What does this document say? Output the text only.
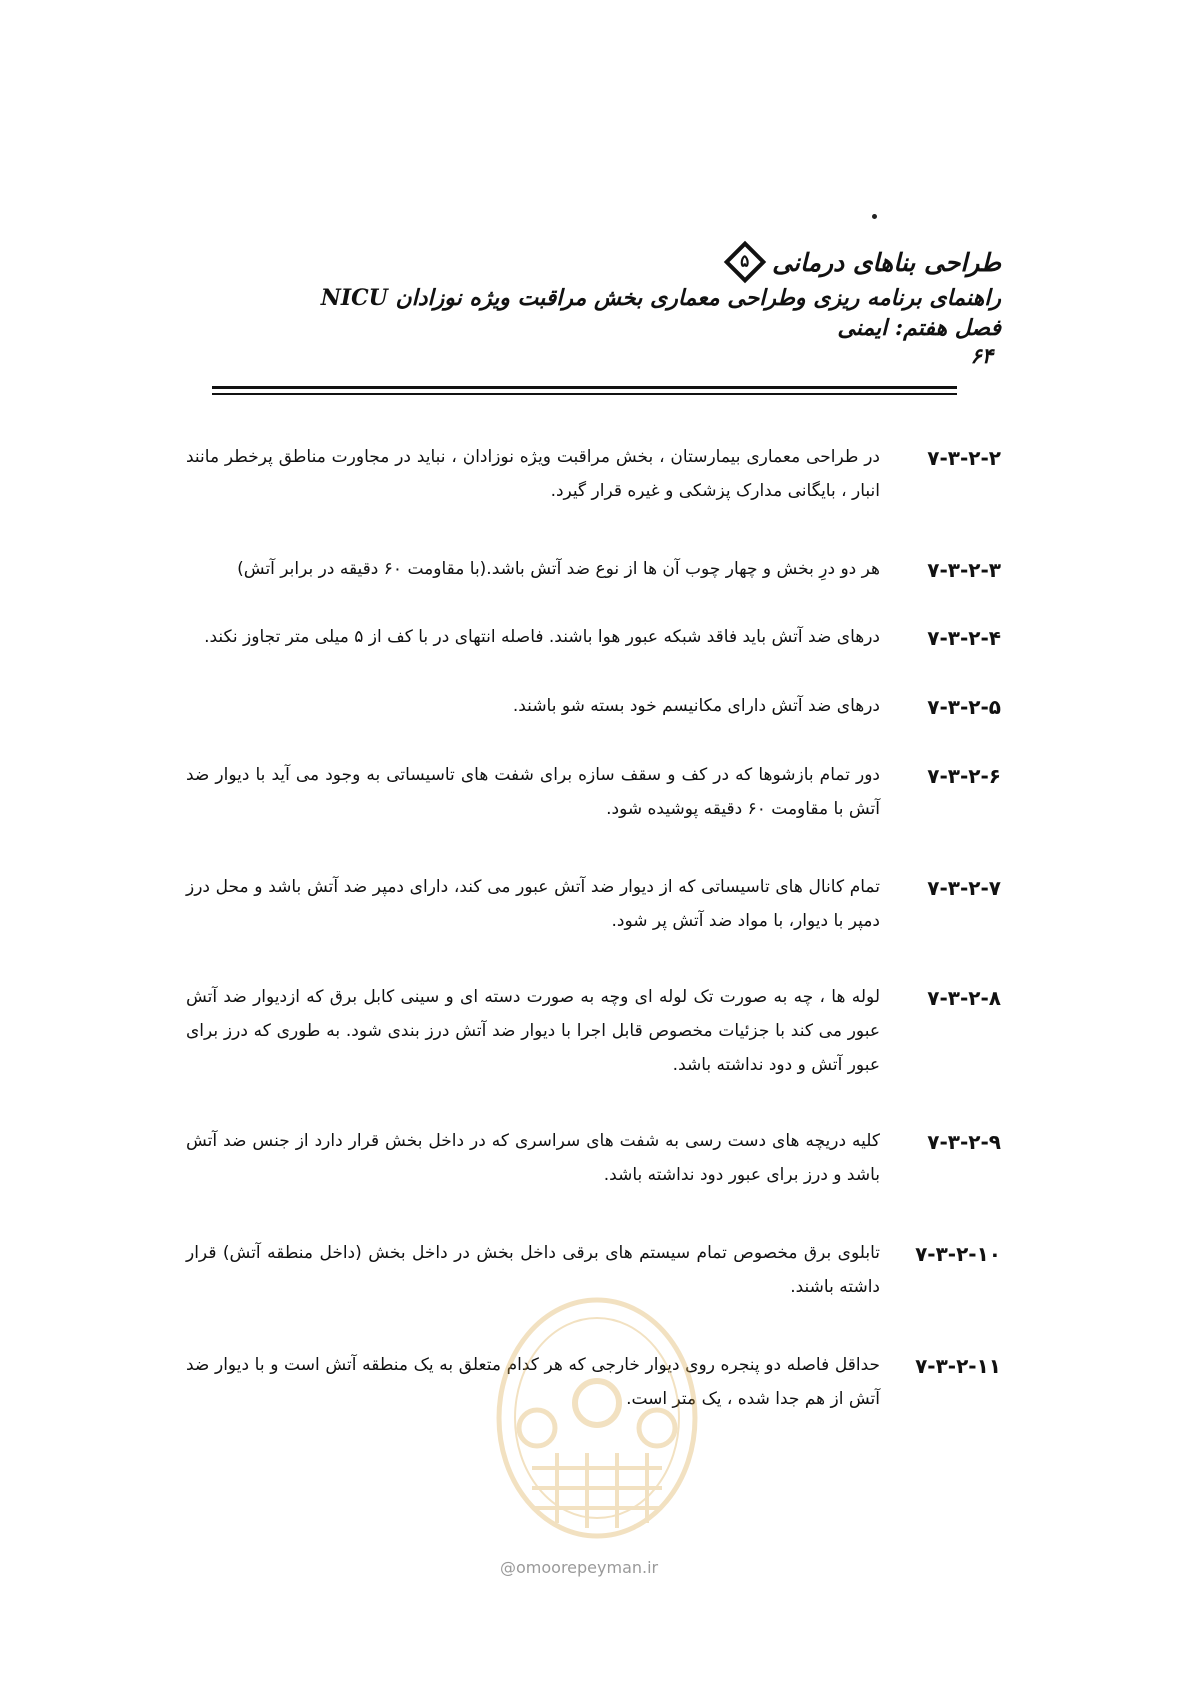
طراحی بناهای درمانی
۵
راهنمای برنامه ریزی وطراحی معماری بخش مراقبت ویژه نوزادان NICU
فصل هفتم: ایمنی
۶۴
۷-۳-۲-۲
در طراحی معماری بیمارستان ، بخش مراقبت ویژه نوزادان ، نباید در مجاورت مناطق پرخطر مانند انبار ، بایگانی مدارک پزشکی و غیره قرار گیرد.
۷-۳-۲-۳
هر دو درِ بخش و چهار چوب آن ها از نوع ضد آتش باشد.(با مقاومت ۶۰ دقیقه در برابر آتش)
۷-۳-۲-۴
درهای ضد آتش باید فاقد شبکه عبور هوا باشند. فاصله انتهای در با کف از ۵ میلی متر تجاوز نکند.
۷-۳-۲-۵
درهای ضد آتش دارای مکانیسم خود بسته شو باشند.
۷-۳-۲-۶
دور تمام بازشوها که در کف و سقف سازه برای شفت های تاسیساتی به وجود می آید با دیوار ضد آتش با مقاومت ۶۰ دقیقه پوشیده شود.
۷-۳-۲-۷
تمام کانال های تاسیساتی که از دیوار ضد آتش عبور می کند، دارای دمپر ضد آتش باشد و محل درز دمپر با دیوار، با مواد ضد آتش پر شود.
۷-۳-۲-۸
لوله ها ، چه به صورت تک لوله ای وچه به صورت دسته ای و سینی کابل برق که ازدیوار ضد آتش عبور می کند با جزئیات مخصوص قابل اجرا با دیوار ضد آتش درز بندی شود. به طوری که درز برای عبور آتش و دود نداشته باشد.
۷-۳-۲-۹
کلیه دریچه های دست رسی به شفت های سراسری که در داخل بخش قرار دارد از جنس ضد آتش باشد و درز برای عبور دود نداشته باشد.
۷-۳-۲-۱۰
تابلوی برق مخصوص تمام سیستم های برقی داخل بخش در داخل بخش (داخل منطقه آتش) قرار داشته باشند.
۷-۳-۲-۱۱
حداقل فاصله دو پنجره روی دیوار خارجی که هر کدام متعلق به یک منطقه آتش است و با دیوار ضد آتش از هم جدا شده ، یک متر است.
@omoorepeyman.ir
